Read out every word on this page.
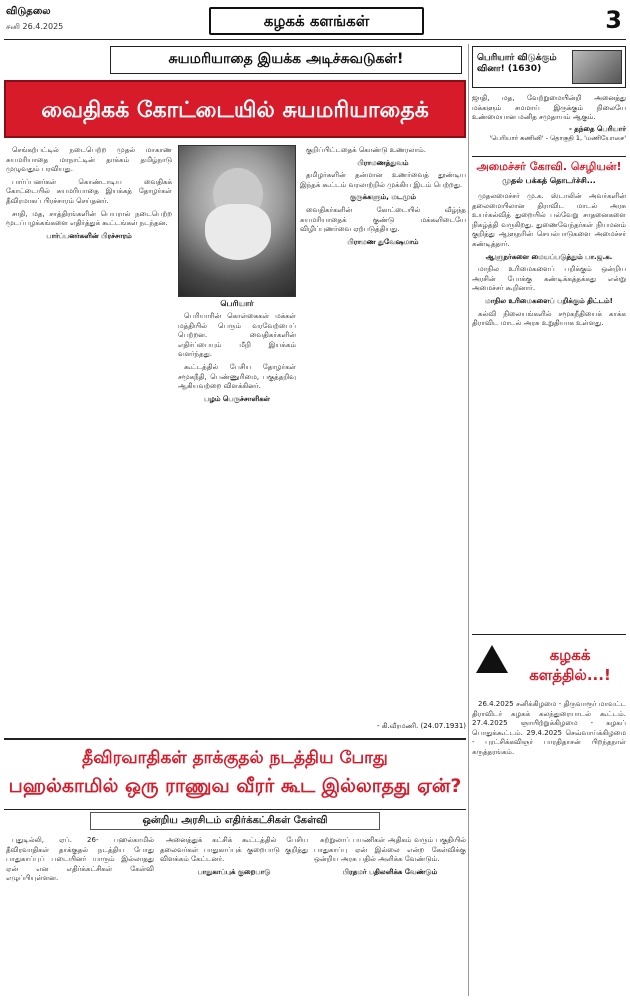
விடுதலை
சனி 26.4.2025	கழகக் களங்கள்	3
சுயமரியாதை இயக்க அடிச்சுவடுகள்!
வைதிகக் கோட்டையில் சுயமரியாதைக்

செங்கற்பட்டில் நடைபெற்ற முதல் மாகாண சுயமரியாதை மாநாட்டின் தாக்கம் தமிழ்நாடு முழுவதும் பரவியது.

பார்ப்பனர்கள் கொண்டாடிய வைதிகக் கோட்டையில் சுயமரியாதை இயக்கத் தோழர்கள் தீவிரமாகப் பிரச்சாரம் செய்தனர்.

சாதி, மத, சாத்திரங்களின் பெயரால் நடைபெற்ற மூடப்பழக்கங்களை எதிர்த்துக் கூட்டங்கள் நடந்தன.

பார்ப்பனர்களின் பிரச்சாரம்

பெரியார்

பெரியாரின் கொள்கைகள் மக்கள் மத்தியில் பெரும் வரவேற்பைப் பெற்றன. வைதிகர்களின் எதிர்ப்பையும் மீறி இயக்கம் வளர்ந்தது.

கூட்டத்தில் பேசிய தோழர்கள் சமூகநீதி, பெண்ணுரிமை, பகுத்தறிவு ஆகியவற்றை விளக்கினர்.

பழம் பெருச்சாளிகள்

குறிப்பிட்டதைக் கொண்டு உணரலாம்.

பிராமணத்துவம்

தமிழர்களின் தன்மான உணர்வைத் தூண்டிய இந்தக் கூட்டம் வரலாற்றில் முக்கிய இடம் பெற்றது.

குருக்களும், மடமும்

வைதிகர்களின் கோட்டையில் வீழ்ந்த சுயமரியாதைக் குண்டு மக்களிடையே விழிப்புணர்வை ஏற்படுத்தியது.

பிராமண துவேஷமாம்

- கி.வீரமணி. (24.07.1931)
தீவிரவாதிகள் தாக்குதல் நடத்திய போது
பஹல்காமில் ஒரு ராணுவ வீரர் கூட இல்லாதது ஏன்?
ஒன்றிய அரசிடம் எதிர்க்கட்சிகள் கேள்வி

புதுடில்லி, ஏப். 26- பஹல்காமில் தீவிரவாதிகள் தாக்குதல் நடத்திய போது பாதுகாப்புப் படையினர் யாரும் இல்லாதது ஏன் என எதிர்க்கட்சிகள் கேள்வி எழுப்பியுள்ளன.

அனைத்துக் கட்சிக் கூட்டத்தில் பேசிய தலைவர்கள் பாதுகாப்புக் குறைபாடு குறித்து விளக்கம் கேட்டனர்.

பாதுகாப்புக் குறைபாடு

சுற்றுலாப் பயணிகள் அதிகம் வரும் பகுதியில் பாதுகாப்பு ஏன் இல்லை என்ற கேள்விக்கு ஒன்றிய அரசு பதில் அளிக்க வேண்டும்.

பிரதமர் பதிலளிக்க வேண்டும்

பெரியார் விடுக்கும் வினா! (1630)
ஜாதி, மத, வேற்றுமையின்றி அனைத்து மக்களும் சமமாய் இருக்கும் நிலையே உண்மையான மனித சமுதாயம் ஆகும்.
- தந்தை பெரியார்
'பெரியார் கணினி' - தொகுதி 1, 'மணியோசை'
அமைச்சர் கோவி. செழியன்!
முதல் பக்கத் தொடர்ச்சி...

முதலமைச்சர் மு.க. ஸ்டாலின் அவர்களின் தலைமையிலான திராவிட மாடல் அரசு உயர்கல்வித் துறையில் பல்வேறு சாதனைகளை நிகழ்த்தி வருகிறது. துணைவேந்தர்கள் நியமனம் குறித்து ஆளுநரின் செயல்பாடுகளை அமைச்சர் கண்டித்தார்.

ஆளுநர்களை மையப்படுத்தும் பா.ஜ.க.

மாநில உரிமைகளைப் பறிக்கும் ஒன்றிய அரசின் போக்கு கண்டிக்கத்தக்கது என்று அமைச்சர் கூறினார்.

மாநில உரிமைகளைப் பறிக்கும் திட்டம்!

கல்வி நிலையங்களில் சமூகநீதியைக் காக்க திராவிட மாடல் அரசு உறுதியாக உள்ளது.

கழகக் களத்தில்...!

26.4.2025 சனிக்கிழமை - திருவாரூர் மாவட்ட திராவிடர் கழகக் கலந்துரையாடல் கூட்டம். 27.4.2025 ஞாயிற்றுக்கிழமை - கழகப் பொதுக்கூட்டம். 29.4.2025 செவ்வாய்க்கிழமை - புரட்சிக்கவிஞர் பாரதிதாசன் பிறந்தநாள் கருத்தரங்கம்.
